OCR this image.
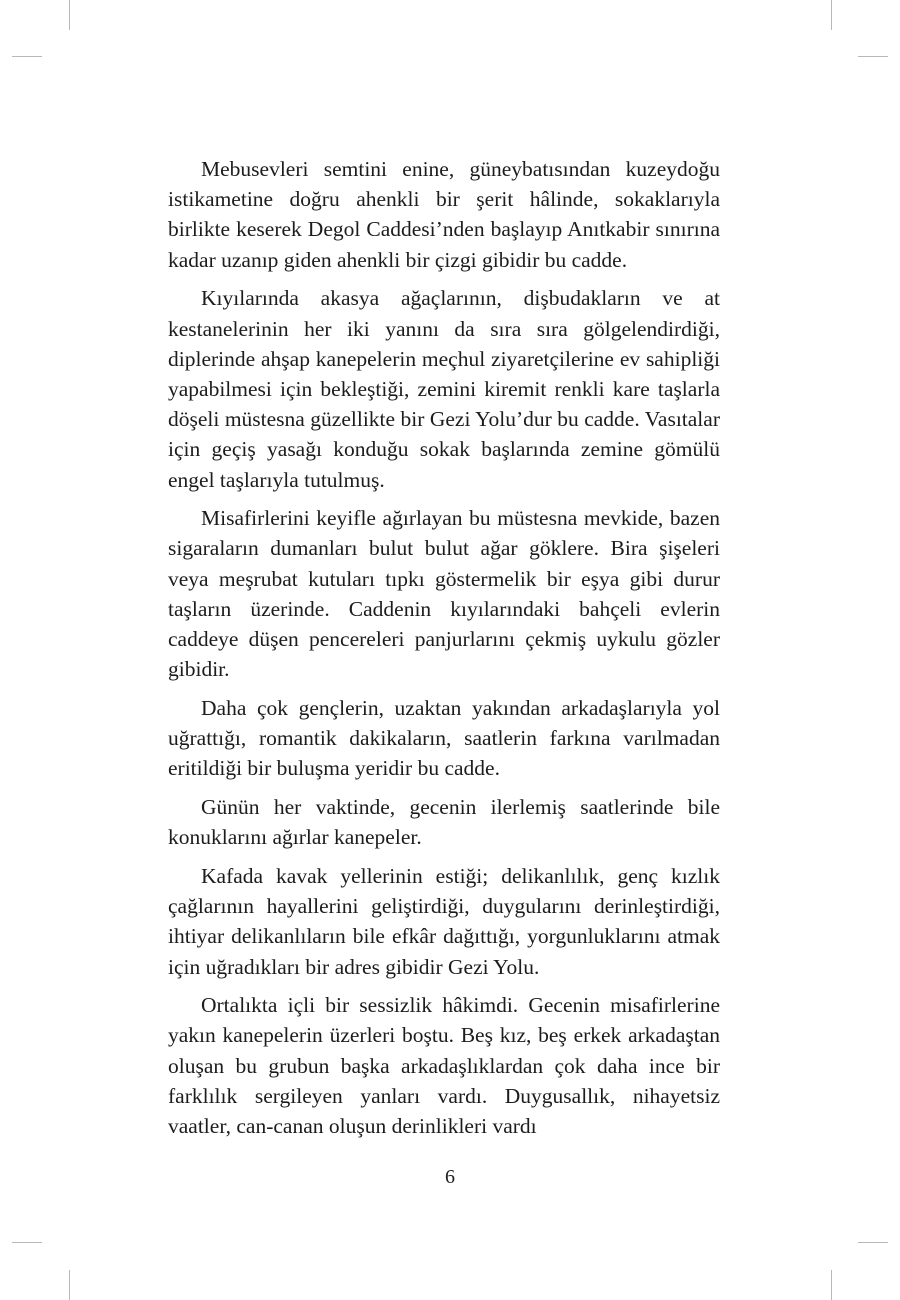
Mebusevleri semtini enine, güneybatısından kuzeydoğu istikametine doğru ahenkli bir şerit hâlinde, sokaklarıyla birlikte keserek Degol Caddesi’nden başlayıp Anıtkabir sınırına kadar uzanıp giden ahenkli bir çizgi gibidir bu cadde.

Kıyılarında akasya ağaçlarının, dişbudakların ve at kestanelerinin her iki yanını da sıra sıra gölgelendirdiği, diplerinde ahşap kanepelerin meçhul ziyaretçilerine ev sahipliği yapabilmesi için bekleştiği, zemini kiremit renkli kare taşlarla döşeli müstesna güzellikte bir Gezi Yolu’dur bu cadde. Vasıtalar için geçiş yasağı konduğu sokak başlarında zemine gömülü engel taşlarıyla tutulmuş.

Misafirlerini keyifle ağırlayan bu müstesna mevkide, bazen sigaraların dumanları bulut bulut ağar göklere. Bira şişeleri veya meşrubat kutuları tıpkı göstermelik bir eşya gibi durur taşların üzerinde. Caddenin kıyılarındaki bahçeli evlerin caddeye düşen pencereleri panjurlarını çekmiş uykulu gözler gibidir.

Daha çok gençlerin, uzaktan yakından arkadaşlarıyla yol uğrattığı, romantik dakikaların, saatlerin farkına varılmadan eritildiği bir buluşma yeridir bu cadde.

Günün her vaktinde, gecenin ilerlemiş saatlerinde bile konuklarını ağırlar kanepeler.

Kafada kavak yellerinin estiği; delikanlılık, genç kızlık çağlarının hayallerini geliştirdiği, duygularını derinleştirdiği, ihtiyar delikanlıların bile efkâr dağıttığı, yorgunluklarını atmak için uğradıkları bir adres gibidir Gezi Yolu.

Ortalıkta içli bir sessizlik hâkimdi. Gecenin misafirlerine yakın kanepelerin üzerleri boştu. Beş kız, beş erkek arkadaştan oluşan bu grubun başka arkadaşlıklardan çok daha ince bir farklılık sergileyen yanları vardı. Duygusallık, nihayetsiz vaatler, can-canan oluşun derinlikleri vardı

6
